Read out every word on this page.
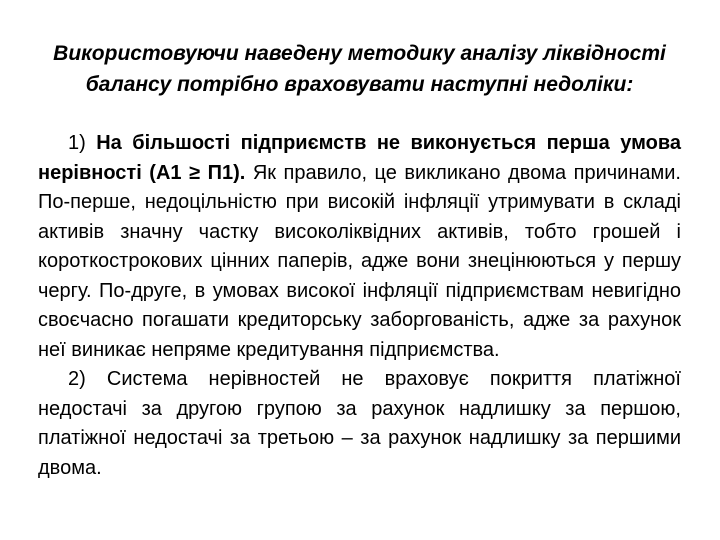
Використовуючи наведену методику аналізу ліквідності
балансу потрібно враховувати наступні недоліки:

1) На більшості підприємств не виконується перша умова нерівності (А1 ≥ П1). Як правило, це викликано двома причинами. По-перше, недоцільністю при високій інфляції утримувати в складі активів значну частку високоліквідних активів, тобто грошей і короткострокових цінних паперів, адже вони знецінюються у першу чергу. По-друге, в умовах високої інфляції підприємствам невигідно своєчасно погашати кредиторську заборгованість, адже за рахунок неї виникає непряме кредитування підприємства.

2) Система нерівностей не враховує покриття платіжної недостачі за другою групою за рахунок надлишку за першою, платіжної недостачі за третьою – за рахунок надлишку за першими двома.
